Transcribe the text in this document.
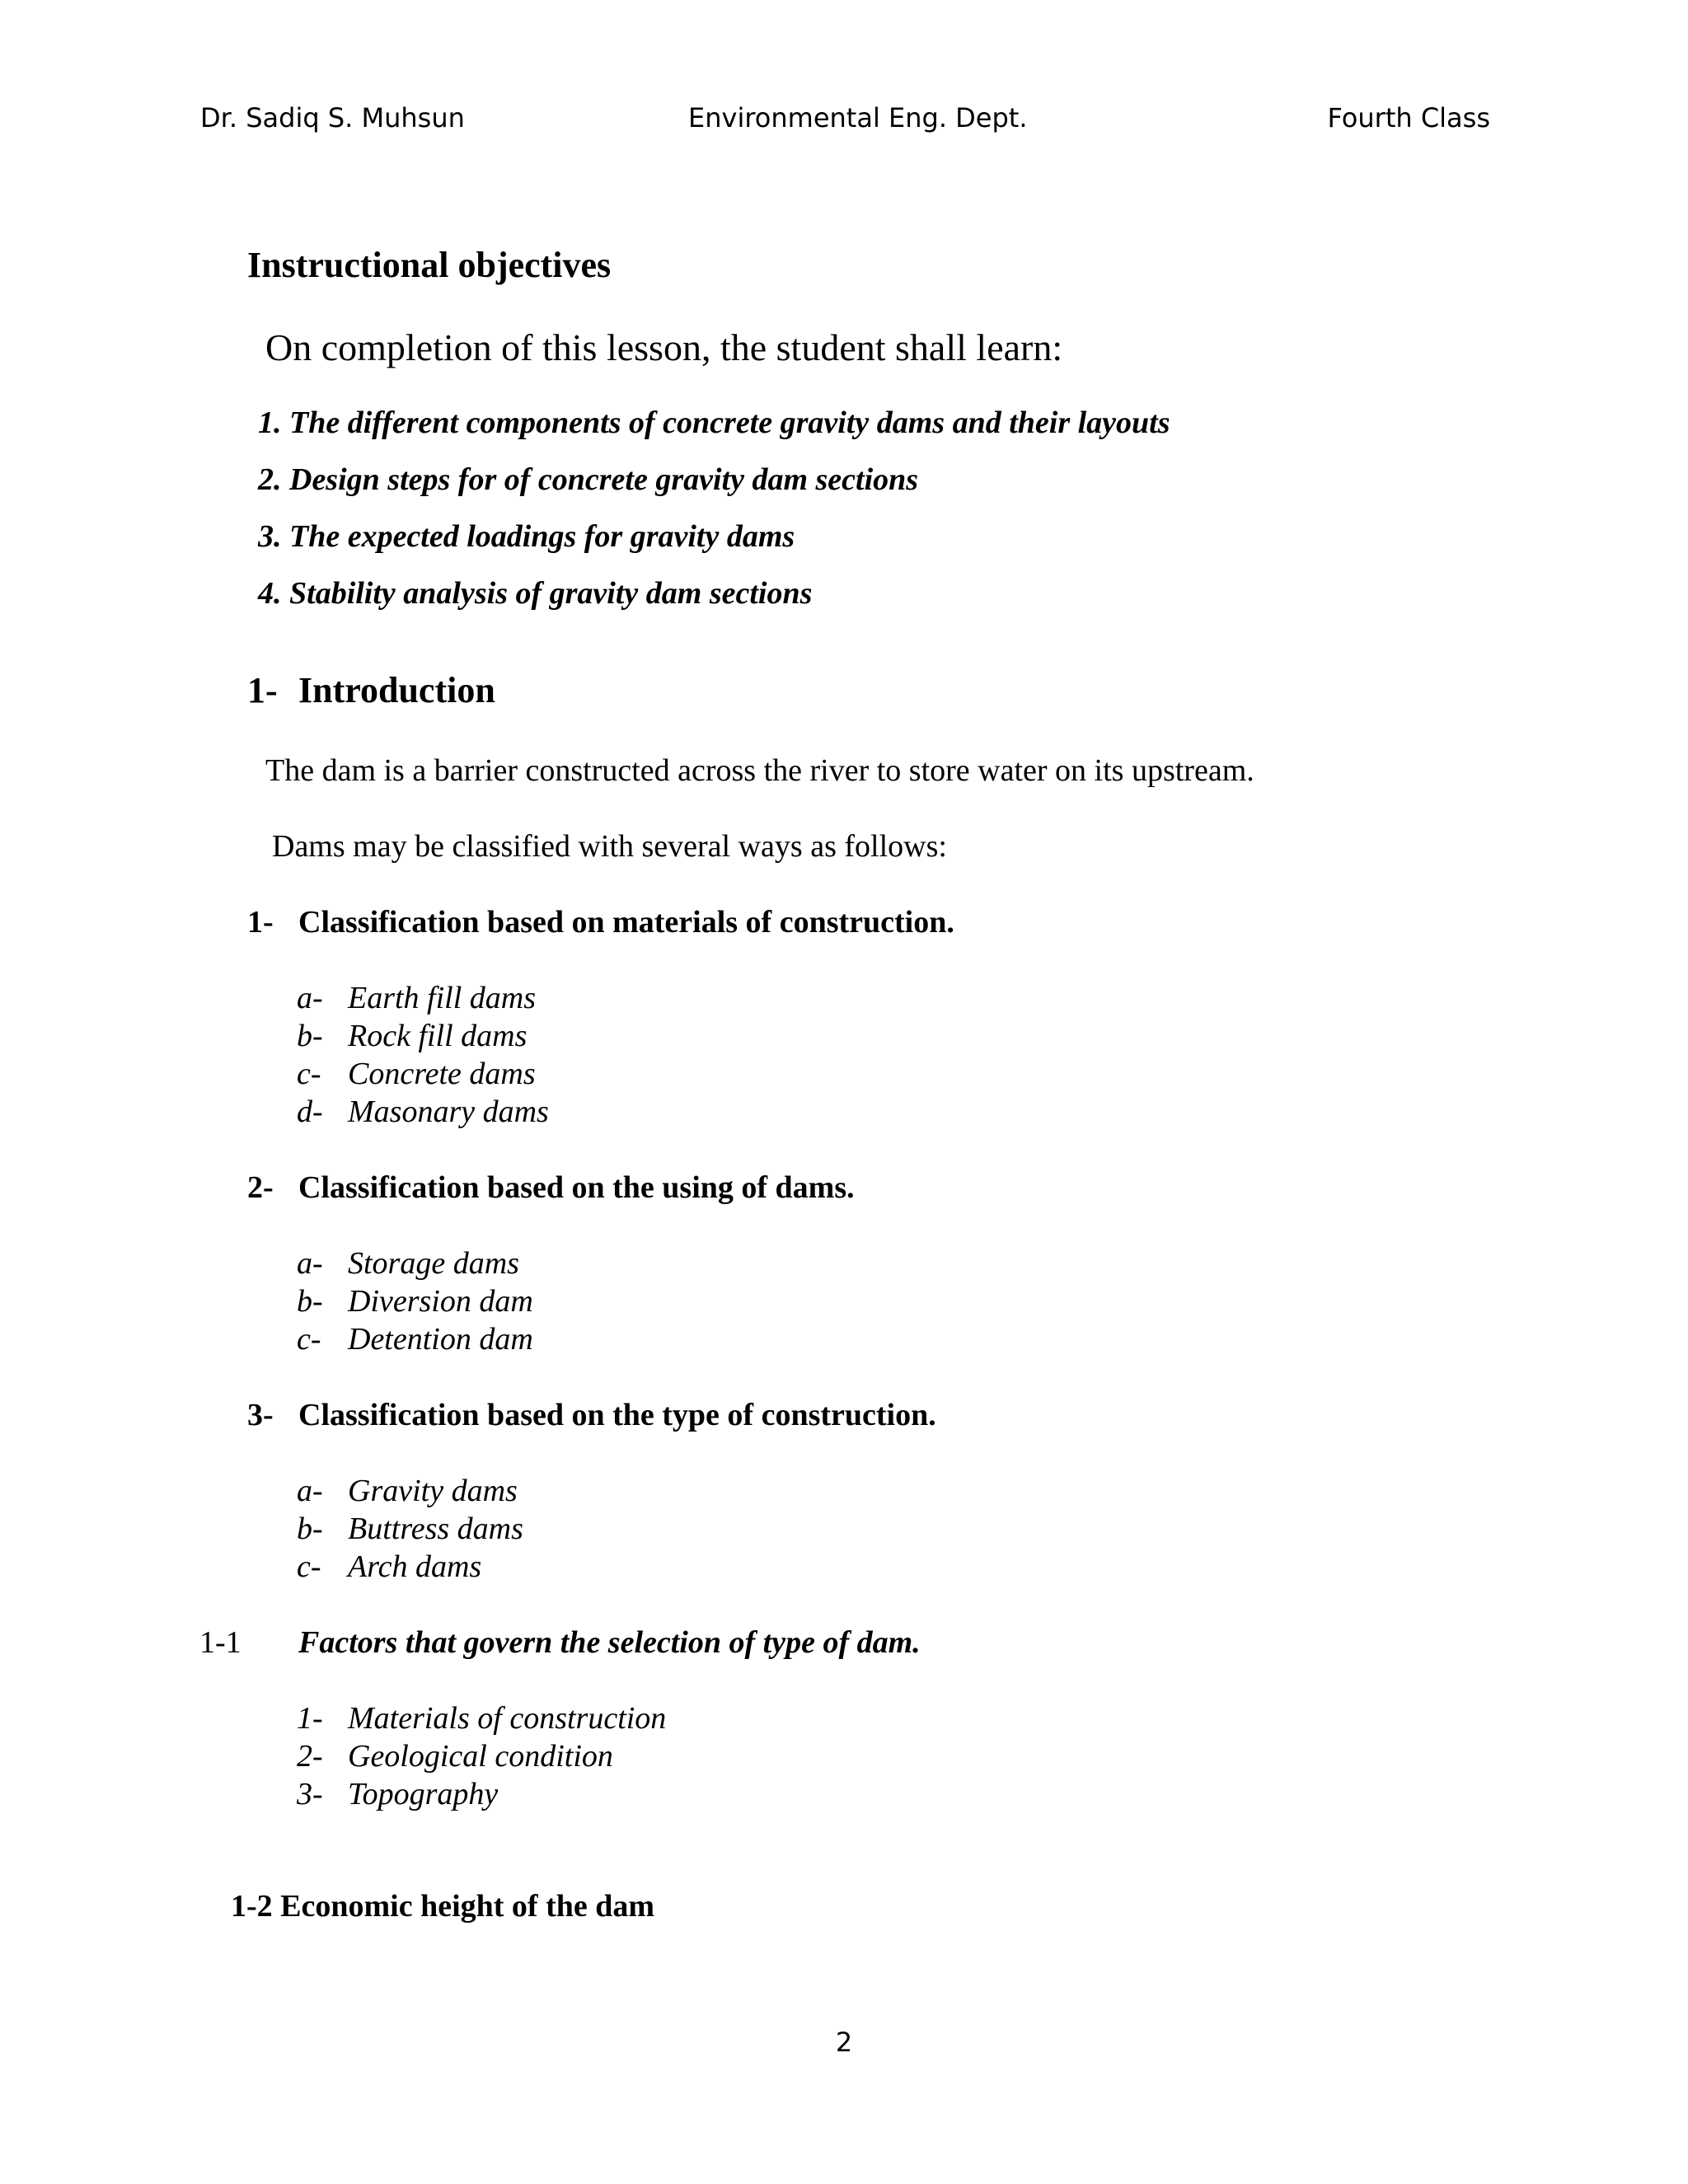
Dr. Sadiq S. Muhsun	Environmental Eng. Dept.	Fourth Class
Instructional objectives
On completion of this lesson, the student shall learn:
1. The different components of concrete gravity dams and their layouts
2. Design steps for of concrete gravity dam sections
3. The expected loadings for gravity dams
4. Stability analysis of gravity dam sections
1- Introduction
The dam is a barrier constructed across the river to store water on its upstream.
Dams may be classified with several ways as follows:
1- Classification based on materials of construction.
a- Earth fill dams
b- Rock fill dams
c- Concrete dams
d- Masonary dams
2- Classification based on the using of dams.
a- Storage dams
b- Diversion dam
c- Detention dam
3- Classification based on the type of construction.
a- Gravity dams
b- Buttress dams
c- Arch dams
1-1 Factors that govern the selection of type of dam.
1- Materials of construction
2- Geological condition
3- Topography
1-2 Economic height of the dam
2
